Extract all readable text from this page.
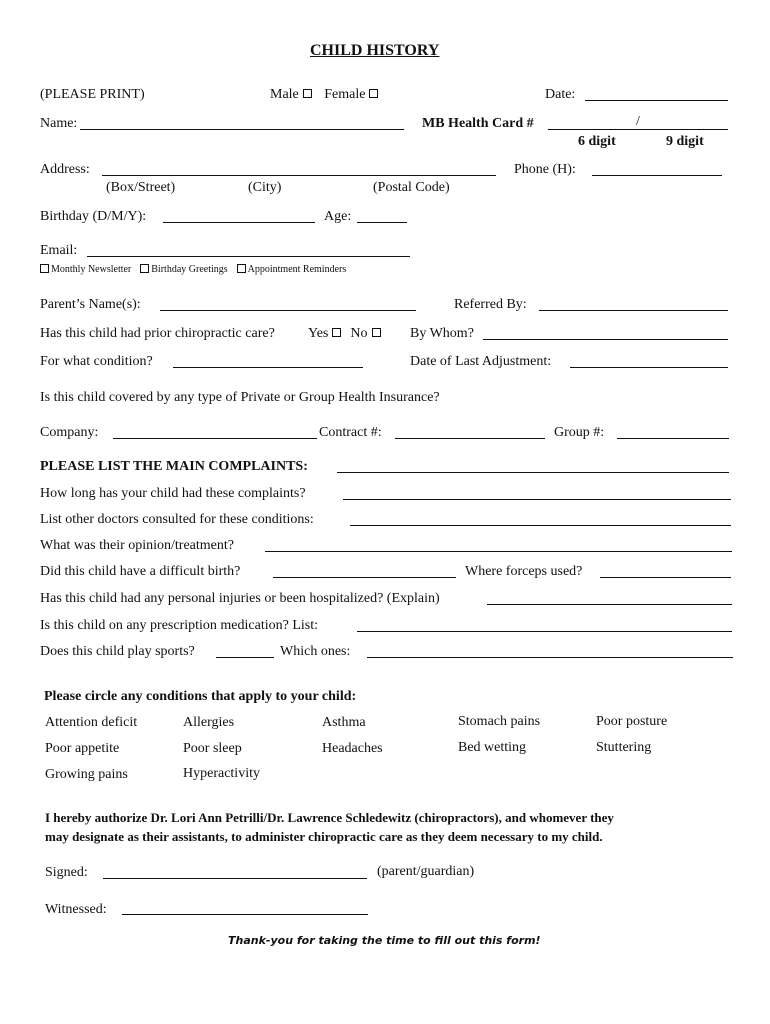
CHILD HISTORY
(PLEASE PRINT)	Male Female	Date:
Name:	MB Health Card #	/
6 digit	9 digit
Address:
(Box/Street)	(City)	(Postal Code)
Phone (H):
Birthday (D/M/Y):	Age:
Email:
Monthly Newsletter Birthday Greetings Appointment Reminders
Parent’s Name(s):	Referred By:
Has this child had prior chiropractic care? Yes No	By Whom?
For what condition?	Date of Last Adjustment:
Is this child covered by any type of Private or Group Health Insurance?
Company:	Contract #:	Group #:
PLEASE LIST THE MAIN COMPLAINTS:
How long has your child had these complaints?
List other doctors consulted for these conditions:
What was their opinion/treatment?
Did this child have a difficult birth?	Where forceps used?
Has this child had any personal injuries or been hospitalized? (Explain)
Is this child on any prescription medication? List:
Does this child play sports?	Which ones:
Please circle any conditions that apply to your child:
Attention deficit	Allergies	Asthma	Stomach pains	Poor posture
Poor appetite	Poor sleep	Headaches	Bed wetting	Stuttering
Growing pains	Hyperactivity
I hereby authorize Dr. Lori Ann Petrilli/Dr. Lawrence Schledewitz (chiropractors), and whomever they
may designate as their assistants, to administer chiropractic care as they deem necessary to my child.
Signed:	(parent/guardian)
Witnessed:
Thank-you for taking the time to fill out this form!
